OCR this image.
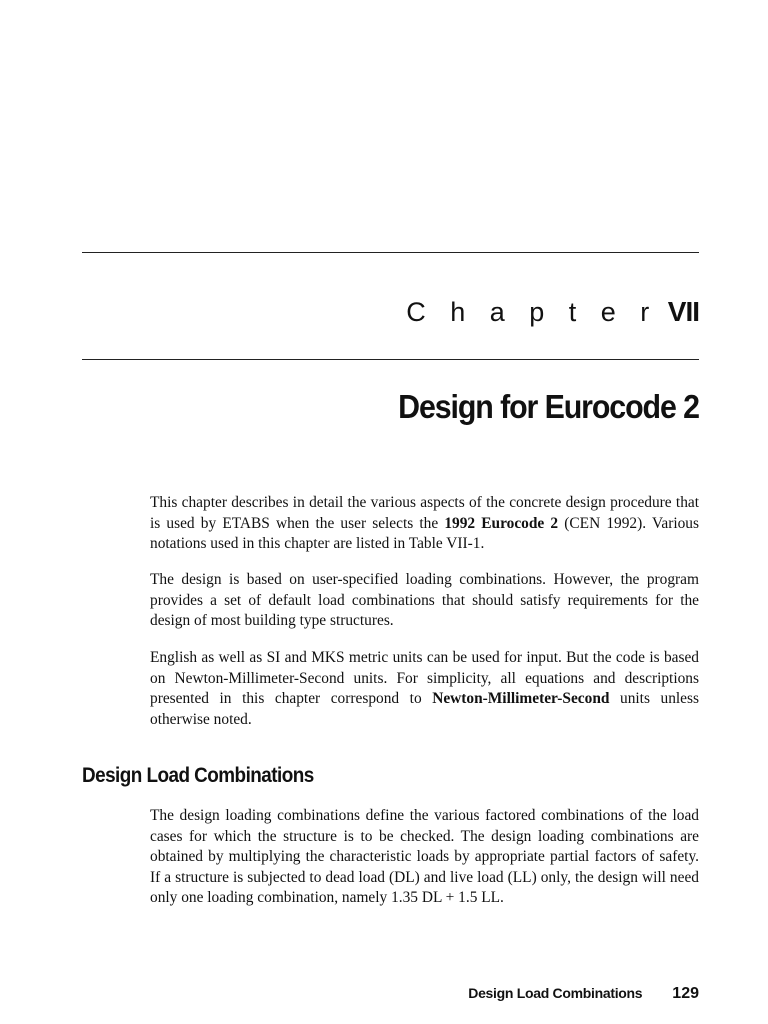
C h a p t e r VII
Design for Eurocode 2

This chapter describes in detail the various aspects of the concrete design procedure that is used by ETABS when the user selects the 1992 Eurocode 2 (CEN 1992). Various notations used in this chapter are listed in Table VII-1.

The design is based on user-specified loading combinations. However, the program provides a set of default load combinations that should satisfy requirements for the design of most building type structures.

English as well as SI and MKS metric units can be used for input. But the code is based on Newton-Millimeter-Second units. For simplicity, all equations and descriptions presented in this chapter correspond to Newton-Millimeter-Second units unless otherwise noted.

Design Load Combinations

The design loading combinations define the various factored combinations of the load cases for which the structure is to be checked. The design loading combinations are obtained by multiplying the characteristic loads by appropriate partial factors of safety. If a structure is subjected to dead load (DL) and live load (LL) only, the design will need only one loading combination, namely 1.35 DL + 1.5 LL.

Design Load Combinations 129
